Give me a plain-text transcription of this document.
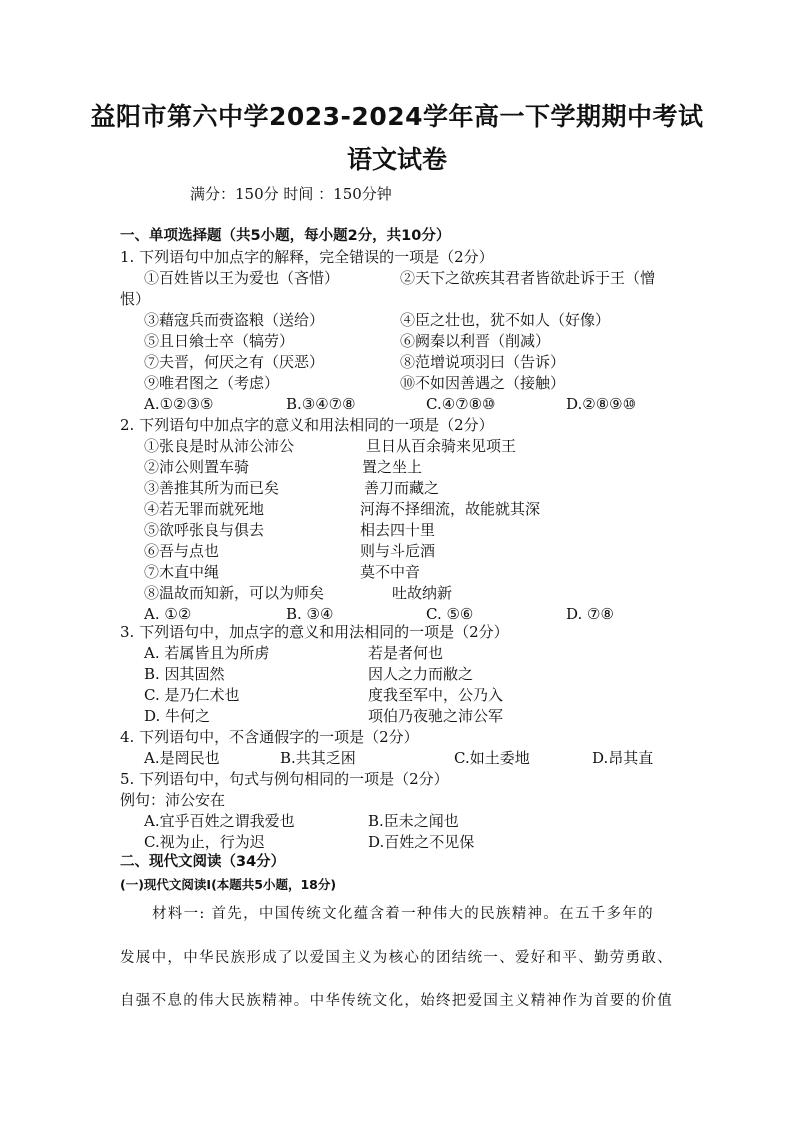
益阳市第六中学2023-2024学年高一下学期期中考试
语文试卷
满分：150分 时间 ：150分钟
一、单项选择题（共5小题，每小题2分，共10分）
1. 下列语句中加点字的解释，完全错误的一项是（2分）
①百姓皆以王为爱也（吝惜）	②天下之欲疾其君者皆欲赴诉于王（憎
恨）
③藉寇兵而赍盗粮（送给）	④臣之壮也，犹不如人（好像）
⑤且日飨士卒（犒劳）	⑥阙秦以利晋（削减）
⑦夫晋，何厌之有（厌恶）	⑧范增说项羽曰（告诉）
⑨唯君图之（考虑）	⑩不如因善遇之（接触）
A.①②③⑤	B.③④⑦⑧	C.④⑦⑧⑩	D.②⑧⑨⑩
2. 下列语句中加点字的意义和用法相同的一项是（2分）
①张良是时从沛公沛公	旦日从百余骑来见项王
②沛公则置车骑	置之坐上
③善推其所为而已矣	善刀而藏之
④若无罪而就死地	河海不择细流，故能就其深
⑤欲呼张良与俱去	相去四十里
⑥吾与点也	则与斗卮酒
⑦木直中绳	莫不中音
⑧温故而知新，可以为师矣	吐故纳新
A. ①②	B. ③④	C. ⑤⑥	D. ⑦⑧
3. 下列语句中，加点字的意义和用法相同的一项是（2分）
A. 若属皆且为所虏	若是者何也
B. 因其固然	因人之力而敝之
C. 是乃仁术也	度我至军中，公乃入
D. 牛何之	项伯乃夜驰之沛公军
4. 下列语句中，不含通假字的一项是（2分）
A.是罔民也	B.共其乏困	C.如土委地	D.昂其直
5. 下列语句中，句式与例句相同的一项是（2分）
例句：沛公安在
A.宜乎百姓之谓我爱也	B.臣未之闻也
C.视为止，行为迟	D.百姓之不见保
二、现代文阅读（34分）
(一)现代文阅读Ⅰ(本题共5小题，18分)
材料一: 首先，中国传统文化蕴含着一种伟大的民族精神。在五千多年的
发展中，中华民族形成了以爱国主义为核心的团结统一、爱好和平、勤劳勇敢、
自强不息的伟大民族精神。中华传统文化，始终把爱国主义精神作为首要的价值
